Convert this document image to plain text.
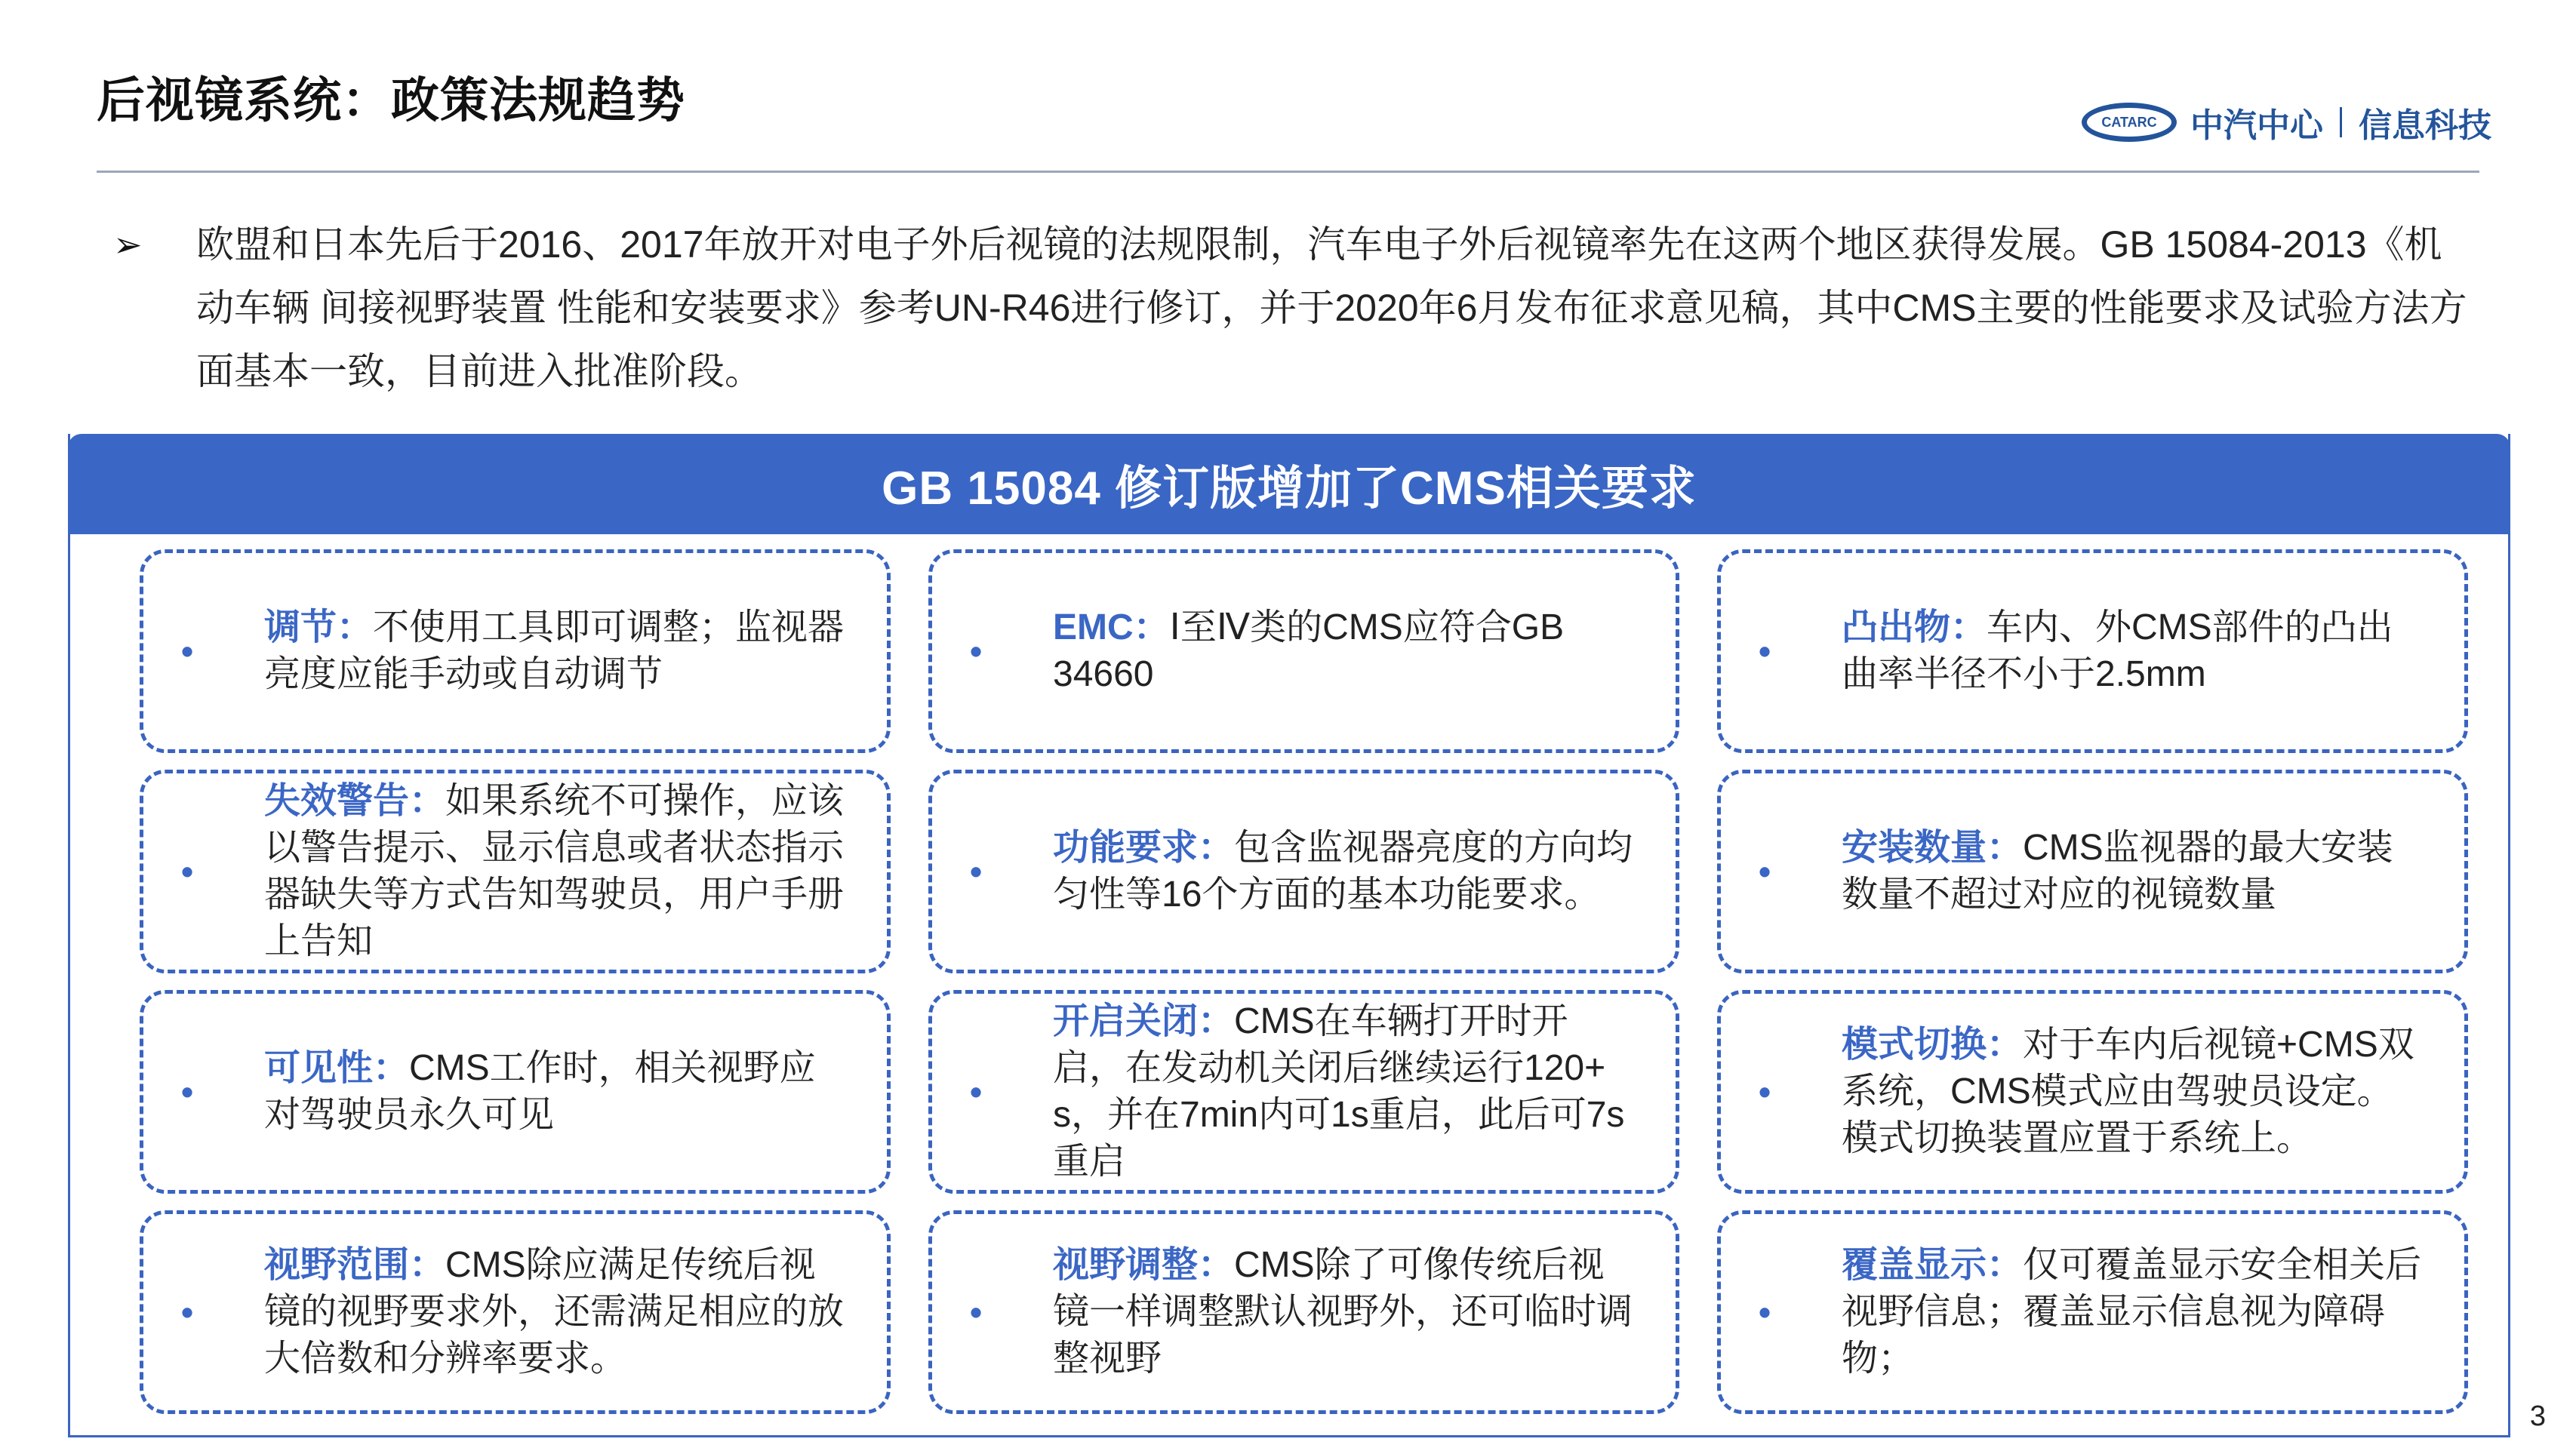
后视镜系统：政策法规趋势	CATARC	中汽中心 信息科技
➢ 欧盟和日本先后于2016、2017年放开对电子外后视镜的法规限制，汽车电子外后视镜率先在这两个地区获得发展。GB 15084-2013《机动车辆 间接视野装置 性能和安装要求》参考UN-R46进行修订，并于2020年6月发布征求意见稿，其中CMS主要的性能要求及试验方法方面基本一致，目前进入批准阶段。
GB 15084 修订版增加了CMS相关要求
•
调节：不使用工具即可调整；监视器亮度应能手动或自动调节
•
EMC：Ⅰ至Ⅳ类的CMS应符合GB 34660
•
凸出物：车内、外CMS部件的凸出曲率半径不小于2.5mm
•
失效警告：如果系统不可操作，应该以警告提示、显示信息或者状态指示器缺失等方式告知驾驶员，用户手册上告知
•
功能要求：包含监视器亮度的方向均匀性等16个方面的基本功能要求。
•
安装数量：CMS监视器的最大安装数量不超过对应的视镜数量
•
可见性：CMS工作时，相关视野应对驾驶员永久可见
•
开启关闭：CMS在车辆打开时开启，在发动机关闭后继续运行120+ s，并在7min内可1s重启，此后可7s重启
•
模式切换：对于车内后视镜+CMS双系统，CMS模式应由驾驶员设定。模式切换装置应置于系统上。
•
视野范围：CMS除应满足传统后视镜的视野要求外，还需满足相应的放大倍数和分辨率要求。
•
视野调整：CMS除了可像传统后视镜一样调整默认视野外，还可临时调整视野
•
覆盖显示：仅可覆盖显示安全相关后视野信息；覆盖显示信息视为障碍物；
3
